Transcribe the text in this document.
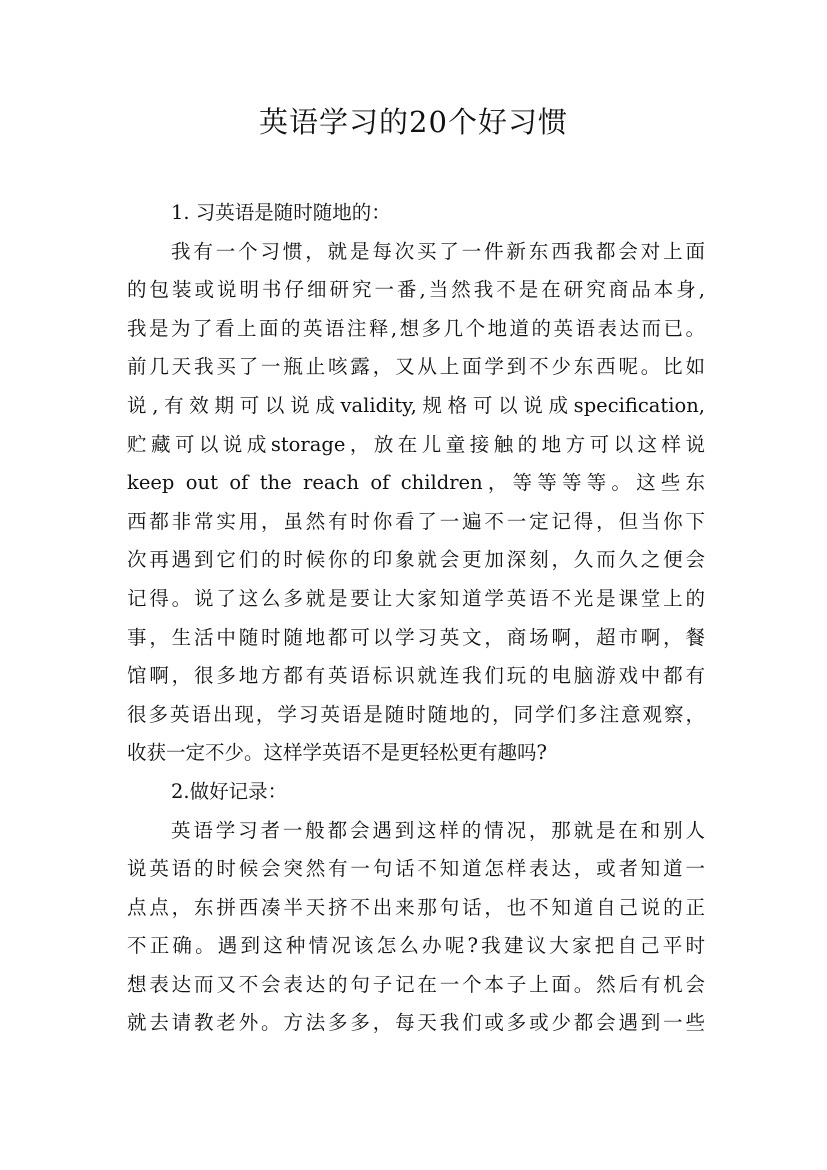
英语学习的20个好习惯
1. 习英语是随时随地的：
我有一个习惯，就是每次买了一件新东西我都会对上面
的包装或说明书仔细研究一番,当然我不是在研究商品本身,
我是为了看上面的英语注释,想多几个地道的英语表达而已。
前几天我买了一瓶止咳露，又从上面学到不少东西呢。比如
说,有效期可以说成validity,规格可以说成specification,
贮藏可以说成storage，放在儿童接触的地方可以这样说
keep out of the reach of children，等等等等。这些东
西都非常实用，虽然有时你看了一遍不一定记得，但当你下
次再遇到它们的时候你的印象就会更加深刻，久而久之便会
记得。说了这么多就是要让大家知道学英语不光是课堂上的
事，生活中随时随地都可以学习英文，商场啊，超市啊，餐
馆啊，很多地方都有英语标识就连我们玩的电脑游戏中都有
很多英语出现，学习英语是随时随地的，同学们多注意观察，
收获一定不少。这样学英语不是更轻松更有趣吗?
2.做好记录：
英语学习者一般都会遇到这样的情况，那就是在和别人
说英语的时候会突然有一句话不知道怎样表达，或者知道一
点点，东拼西凑半天挤不出来那句话，也不知道自己说的正
不正确。遇到这种情况该怎么办呢?我建议大家把自己平时
想表达而又不会表达的句子记在一个本子上面。然后有机会
就去请教老外。方法多多，每天我们或多或少都会遇到一些
